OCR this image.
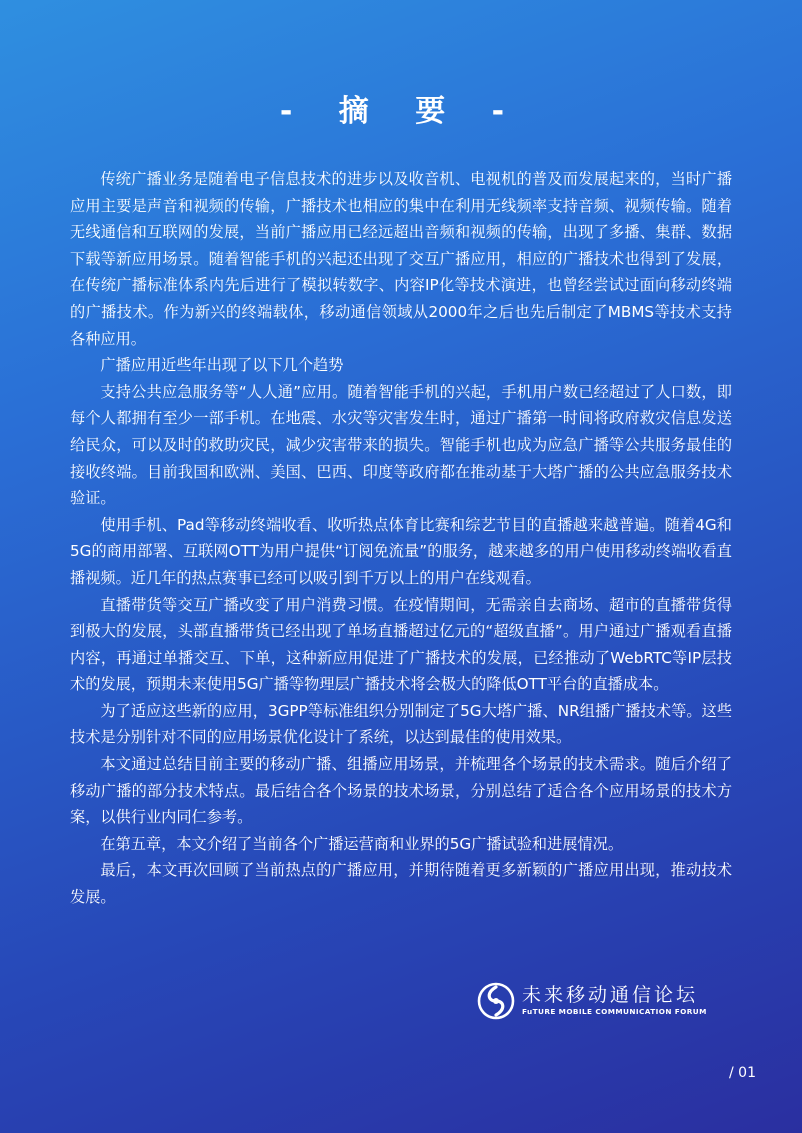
- 摘 要 -

传统广播业务是随着电子信息技术的进步以及收音机、电视机的普及而发展起来的，当时广播应用主要是声音和视频的传输，广播技术也相应的集中在利用无线频率支持音频、视频传输。随着无线通信和互联网的发展，当前广播应用已经远超出音频和视频的传输，出现了多播、集群、数据下载等新应用场景。随着智能手机的兴起还出现了交互广播应用，相应的广播技术也得到了发展，在传统广播标准体系内先后进行了模拟转数字、内容IP化等技术演进，也曾经尝试过面向移动终端的广播技术。作为新兴的终端载体，移动通信领域从2000年之后也先后制定了MBMS等技术支持各种应用。

广播应用近些年出现了以下几个趋势

支持公共应急服务等“人人通”应用。随着智能手机的兴起，手机用户数已经超过了人口数，即每个人都拥有至少一部手机。在地震、水灾等灾害发生时，通过广播第一时间将政府救灾信息发送给民众，可以及时的救助灾民，减少灾害带来的损失。智能手机也成为应急广播等公共服务最佳的接收终端。目前我国和欧洲、美国、巴西、印度等政府都在推动基于大塔广播的公共应急服务技术验证。

使用手机、Pad等移动终端收看、收听热点体育比赛和综艺节目的直播越来越普遍。随着4G和5G的商用部署、互联网OTT为用户提供“订阅免流量”的服务，越来越多的用户使用移动终端收看直播视频。近几年的热点赛事已经可以吸引到千万以上的用户在线观看。

直播带货等交互广播改变了用户消费习惯。在疫情期间，无需亲自去商场、超市的直播带货得到极大的发展，头部直播带货已经出现了单场直播超过亿元的“超级直播”。用户通过广播观看直播内容，再通过单播交互、下单，这种新应用促进了广播技术的发展，已经推动了WebRTC等IP层技术的发展，预期未来使用5G广播等物理层广播技术将会极大的降低OTT平台的直播成本。

为了适应这些新的应用，3GPP等标准组织分别制定了5G大塔广播、NR组播广播技术等。这些技术是分别针对不同的应用场景优化设计了系统，以达到最佳的使用效果。

本文通过总结目前主要的移动广播、组播应用场景，并梳理各个场景的技术需求。随后介绍了移动广播的部分技术特点。最后结合各个场景的技术场景，分别总结了适合各个应用场景的技术方案，以供行业内同仁参考。

在第五章，本文介绍了当前各个广播运营商和业界的5G广播试验和进展情况。

最后，本文再次回顾了当前热点的广播应用，并期待随着更多新颖的广播应用出现，推动技术发展。

未来移动通信论坛
FuTURE MOBILE COMMUNICATION FORUM
/ 01
